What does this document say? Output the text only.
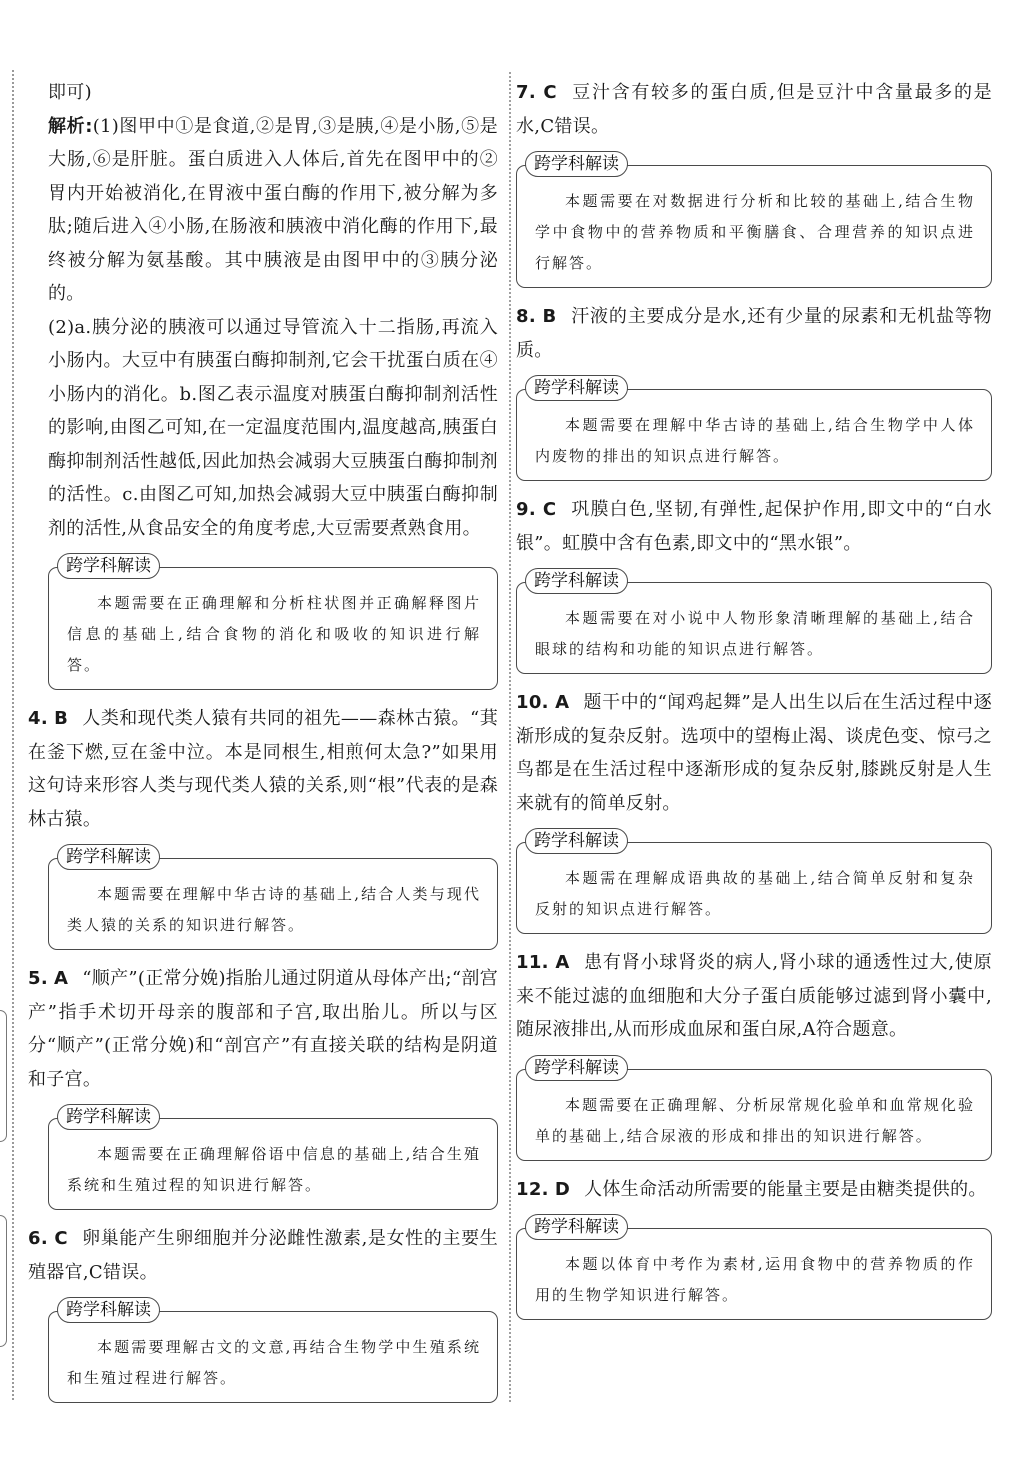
即可)

解析:(1)图甲中①是食道,②是胃,③是胰,④是小肠,⑤是大肠,⑥是肝脏。蛋白质进入人体后,首先在图甲中的②胃内开始被消化,在胃液中蛋白酶的作用下,被分解为多肽;随后进入④小肠,在肠液和胰液中消化酶的作用下,最终被分解为氨基酸。其中胰液是由图甲中的③胰分泌的。

(2)a.胰分泌的胰液可以通过导管流入十二指肠,再流入小肠内。大豆中有胰蛋白酶抑制剂,它会干扰蛋白质在④小肠内的消化。b.图乙表示温度对胰蛋白酶抑制剂活性的影响,由图乙可知,在一定温度范围内,温度越高,胰蛋白酶抑制剂活性越低,因此加热会减弱大豆胰蛋白酶抑制剂的活性。c.由图乙可知,加热会减弱大豆中胰蛋白酶抑制剂的活性,从食品安全的角度考虑,大豆需要煮熟食用。

跨学科解读

本题需要在正确理解和分析柱状图并正确解释图片信息的基础上,结合食物的消化和吸收的知识进行解答。

4. B 人类和现代类人猿有共同的祖先——森林古猿。“萁在釜下燃,豆在釜中泣。本是同根生,相煎何太急?”如果用这句诗来形容人类与现代类人猿的关系,则“根”代表的是森林古猿。

跨学科解读

本题需要在理解中华古诗的基础上,结合人类与现代类人猿的关系的知识进行解答。

5. A “顺产”(正常分娩)指胎儿通过阴道从母体产出;“剖宫产”指手术切开母亲的腹部和子宫,取出胎儿。所以与区分“顺产”(正常分娩)和“剖宫产”有直接关联的结构是阴道和子宫。

跨学科解读

本题需要在正确理解俗语中信息的基础上,结合生殖系统和生殖过程的知识进行解答。

6. C 卵巢能产生卵细胞并分泌雌性激素,是女性的主要生殖器官,C错误。

跨学科解读

本题需要理解古文的文意,再结合生物学中生殖系统和生殖过程进行解答。

7. C 豆汁含有较多的蛋白质,但是豆汁中含量最多的是水,C错误。

跨学科解读

本题需要在对数据进行分析和比较的基础上,结合生物学中食物中的营养物质和平衡膳食、合理营养的知识点进行解答。

8. B 汗液的主要成分是水,还有少量的尿素和无机盐等物质。

跨学科解读

本题需要在理解中华古诗的基础上,结合生物学中人体内废物的排出的知识点进行解答。

9. C 巩膜白色,坚韧,有弹性,起保护作用,即文中的“白水银”。虹膜中含有色素,即文中的“黑水银”。

跨学科解读

本题需要在对小说中人物形象清晰理解的基础上,结合眼球的结构和功能的知识点进行解答。

10. A 题干中的“闻鸡起舞”是人出生以后在生活过程中逐渐形成的复杂反射。选项中的望梅止渴、谈虎色变、惊弓之鸟都是在生活过程中逐渐形成的复杂反射,膝跳反射是人生来就有的简单反射。

跨学科解读

本题需在理解成语典故的基础上,结合简单反射和复杂反射的知识点进行解答。

11. A 患有肾小球肾炎的病人,肾小球的通透性过大,使原来不能过滤的血细胞和大分子蛋白质能够过滤到肾小囊中,随尿液排出,从而形成血尿和蛋白尿,A符合题意。

跨学科解读

本题需要在正确理解、分析尿常规化验单和血常规化验单的基础上,结合尿液的形成和排出的知识进行解答。

12. D 人体生命活动所需要的能量主要是由糖类提供的。

跨学科解读

本题以体育中考作为素材,运用食物中的营养物质的作用的生物学知识进行解答。
